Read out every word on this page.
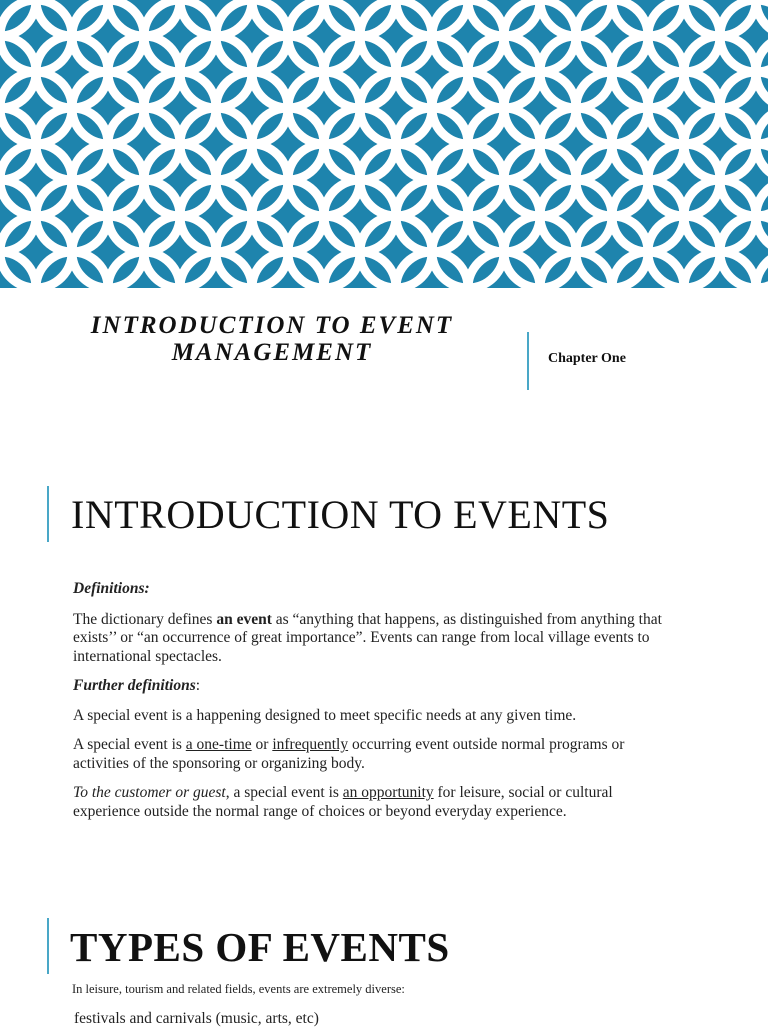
INTRODUCTION TO EVENT MANAGEMENT	Chapter One
INTRODUCTION TO EVENTS

Definitions:

The dictionary defines an event as “anything that happens, as distinguished from anything that exists’’ or “an occurrence of great importance”. Events can range from local village events to international spectacles.

Further definitions:

A special event is a happening designed to meet specific needs at any given time.

A special event is a one-time or infrequently occurring event outside normal programs or activities of the sponsoring or organizing body.

To the customer or guest, a special event is an opportunity for leisure, social or cultural experience outside the normal range of choices or beyond everyday experience.

TYPES OF EVENTS
In leisure, tourism and related fields, events are extremely diverse:
festivals and carnivals (music, arts, etc)
